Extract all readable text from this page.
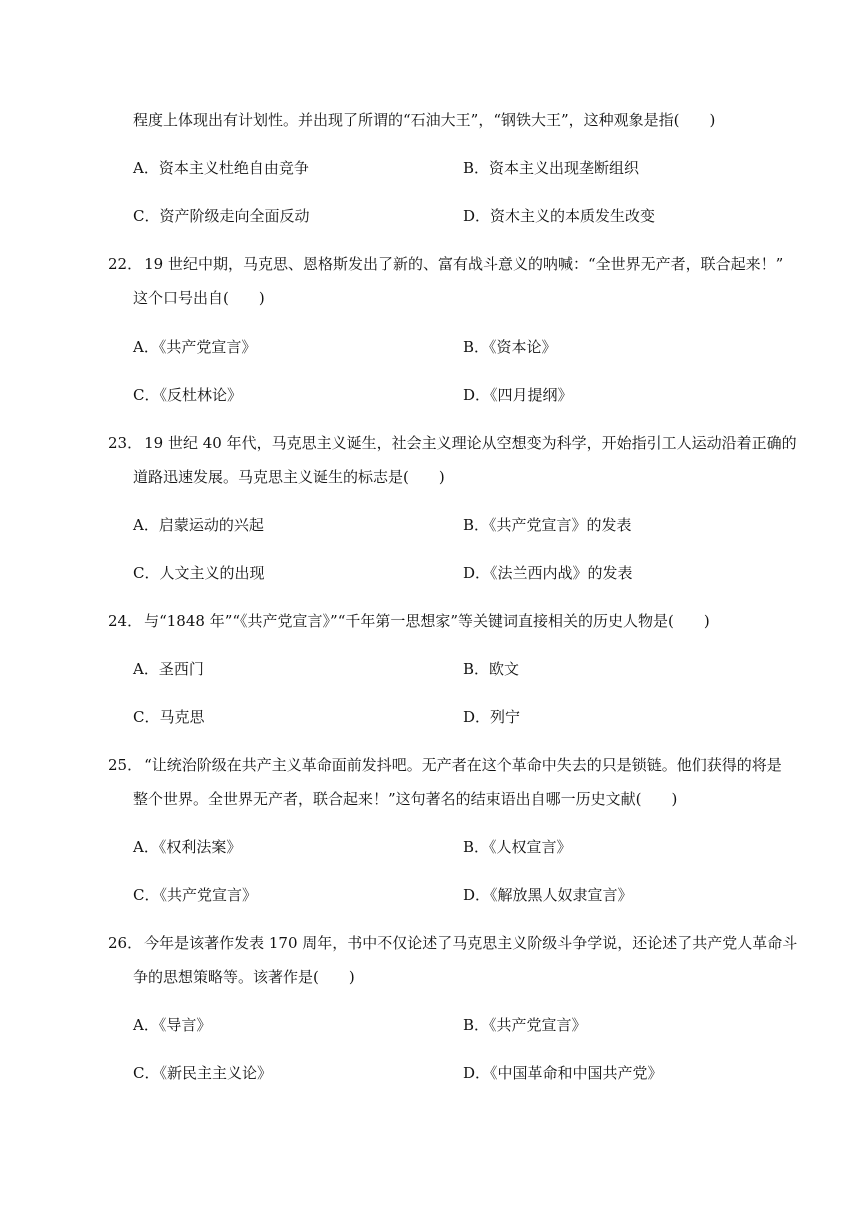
程度上体现出有计划性。并出现了所谓的“石油大王”，“钢铁大王”，这种观象是指(　　)
A．资本主义杜绝自由竞争	B．资本主义出现垄断组织
C．资产阶级走向全面反动	D．资木主义的本质发生改变
22． 19 世纪中期，马克思、恩格斯发出了新的、富有战斗意义的呐喊：“全世界无产者，联合起来！”
这个口号出自(　　)
A．《共产党宣言》	B．《资本论》
C．《反杜林论》	D．《四月提纲》
23． 19 世纪 40 年代，马克思主义诞生，社会主义理论从空想变为科学，开始指引工人运动沿着正确的
道路迅速发展。马克思主义诞生的标志是(　　)
A．启蒙运动的兴起	B．《共产党宣言》的发表
C．人文主义的出现	D．《法兰西内战》的发表
24． 与“1848 年”“《共产党宣言》”“千年第一思想家”等关键词直接相关的历史人物是(　　)
A．圣西门	B．欧文
C．马克思	D．列宁
25． “让统治阶级在共产主义革命面前发抖吧。无产者在这个革命中失去的只是锁链。他们获得的将是
整个世界。全世界无产者，联合起来！”这句著名的结束语出自哪一历史文献(　　)
A．《权利法案》	B．《人权宣言》
C．《共产党宣言》	D．《解放黑人奴隶宣言》
26． 今年是该著作发表 170 周年，书中不仅论述了马克思主义阶级斗争学说，还论述了共产党人革命斗
争的思想策略等。该著作是(　　)
A．《导言》	B．《共产党宣言》
C．《新民主主义论》	D．《中国革命和中国共产党》
